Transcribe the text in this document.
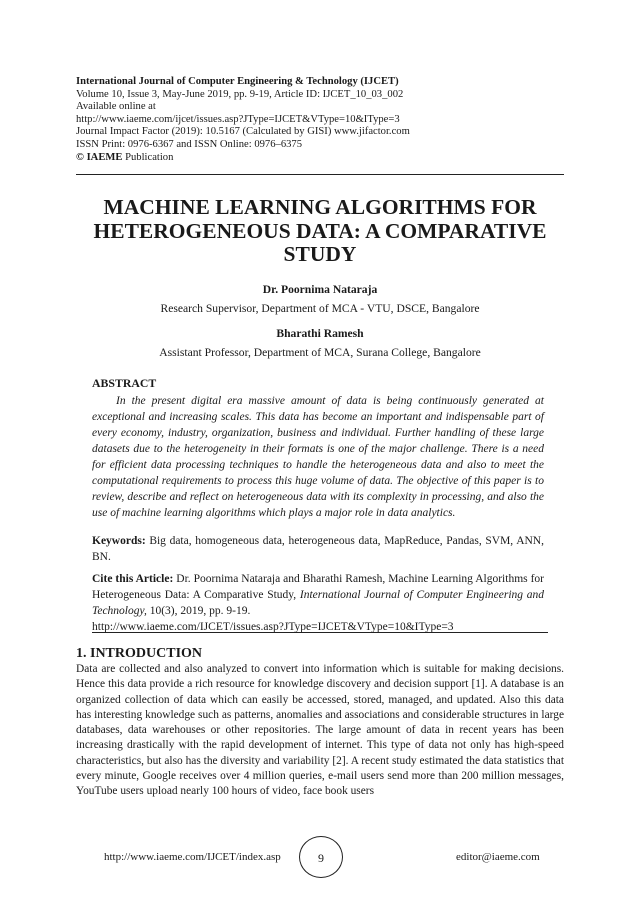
International Journal of Computer Engineering & Technology (IJCET)
Volume 10, Issue 3, May-June 2019, pp. 9-19, Article ID: IJCET_10_03_002
Available online at
http://www.iaeme.com/ijcet/issues.asp?JType=IJCET&VType=10&IType=3
Journal Impact Factor (2019): 10.5167 (Calculated by GISI) www.jifactor.com
ISSN Print: 0976-6367 and ISSN Online: 0976–6375
© IAEME Publication
MACHINE LEARNING ALGORITHMS FOR
HETEROGENEOUS DATA: A COMPARATIVE
STUDY
Dr. Poornima Nataraja
Research Supervisor, Department of MCA - VTU, DSCE, Bangalore
Bharathi Ramesh
Assistant Professor, Department of MCA, Surana College, Bangalore
ABSTRACT

In the present digital era massive amount of data is being continuously generated at exceptional and increasing scales. This data has become an important and indispensable part of every economy, industry, organization, business and individual. Further handling of these large datasets due to the heterogeneity in their formats is one of the major challenge. There is a need for efficient data processing techniques to handle the heterogeneous data and also to meet the computational requirements to process this huge volume of data. The objective of this paper is to review, describe and reflect on heterogeneous data with its complexity in processing, and also the use of machine learning algorithms which plays a major role in data analytics.

Keywords: Big data, homogeneous data, heterogeneous data, MapReduce, Pandas, SVM, ANN, BN.

Cite this Article: Dr. Poornima Nataraja and Bharathi Ramesh, Machine Learning Algorithms for Heterogeneous Data: A Comparative Study, International Journal of Computer Engineering and Technology, 10(3), 2019, pp. 9-19.
http://www.iaeme.com/IJCET/issues.asp?JType=IJCET&VType=10&IType=3

1. INTRODUCTION

Data are collected and also analyzed to convert into information which is suitable for making decisions. Hence this data provide a rich resource for knowledge discovery and decision support [1]. A database is an organized collection of data which can easily be accessed, stored, managed, and updated. Also this data has interesting knowledge such as patterns, anomalies and associations and considerable structures in large databases, data warehouses or other repositories. The large amount of data in recent years has been increasing drastically with the rapid development of internet. This type of data not only has high-speed characteristics, but also has the diversity and variability [2]. A recent study estimated the data statistics that every minute, Google receives over 4 million queries, e-mail users send more than 200 million messages, YouTube users upload nearly 100 hours of video, face book users

http://www.iaeme.com/IJCET/index.asp	9	editor@iaeme.com
